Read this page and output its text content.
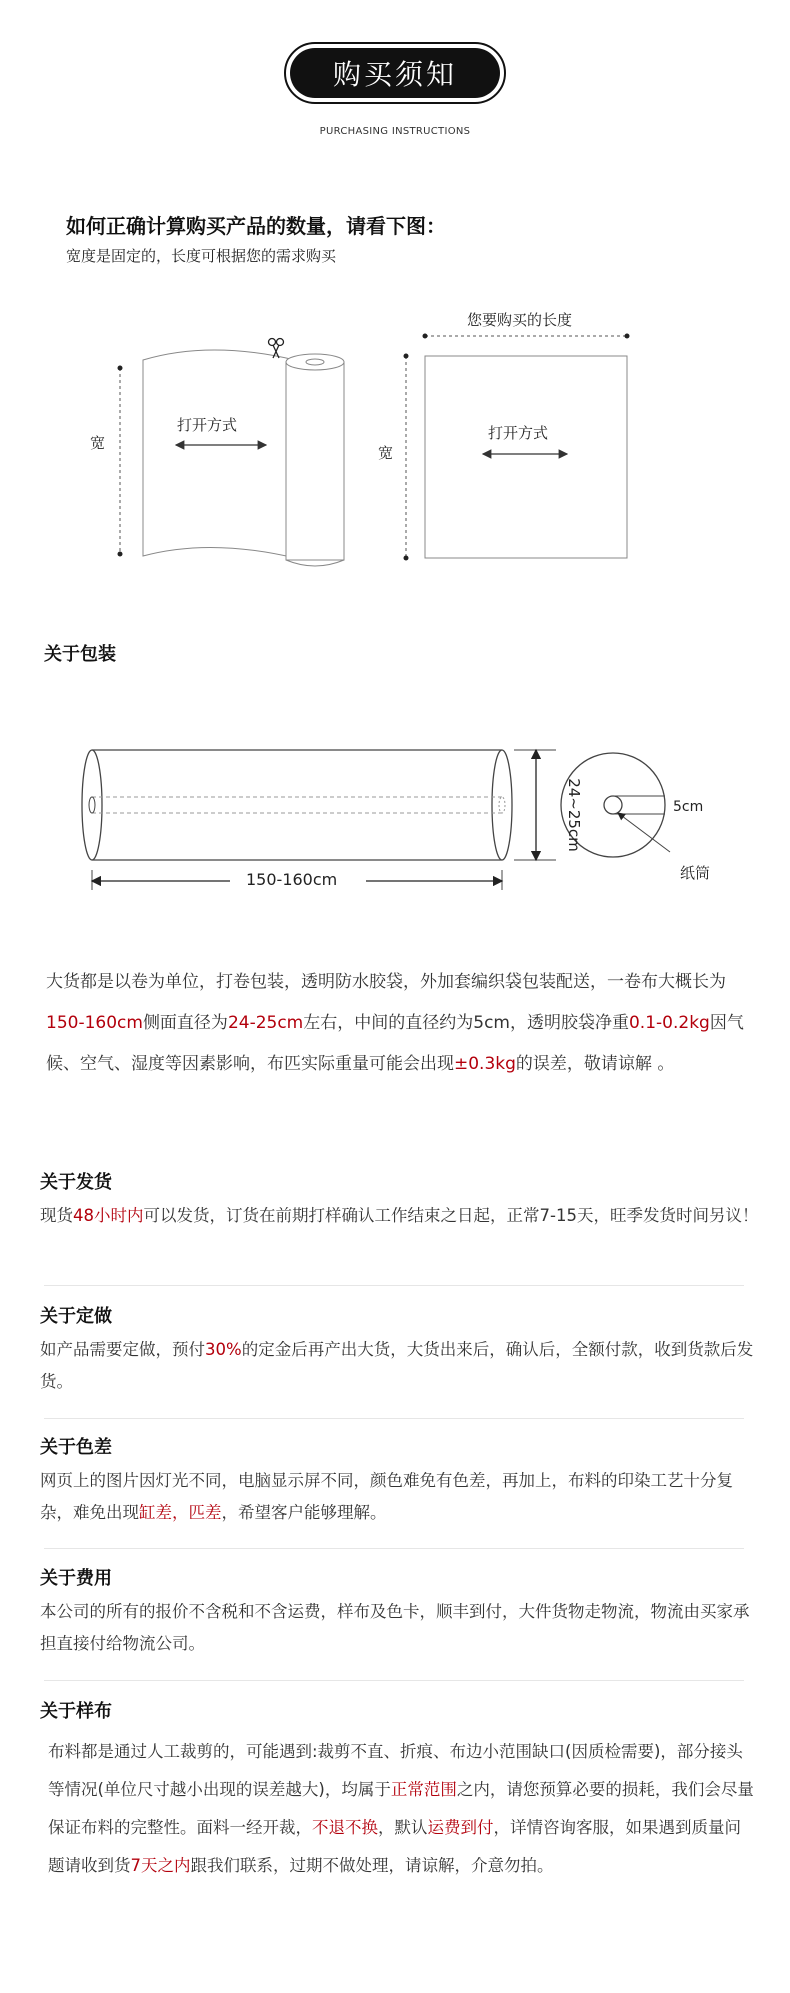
购买须知
PURCHASING INSTRUCTIONS
如何正确计算购买产品的数量，请看下图：
宽度是固定的，长度可根据您的需求购买
宽
打开方式
您要购买的长度
宽
打开方式
关于包装
150-160cm
24~25cm	5cm
纸筒
大货都是以卷为单位，打卷包装，透明防水胶袋，外加套编织袋包装配送，一卷布大概长为150-160cm侧面直径为24-25cm左右，中间的直径约为5cm，透明胶袋净重0.1-0.2kg因气候、空气、湿度等因素影响，布匹实际重量可能会出现±0.3kg的误差，敬请谅解 。
关于发货
现货48小时内可以发货，订货在前期打样确认工作结束之日起，正常7-15天，旺季发货时间另议！
关于定做
如产品需要定做，预付30%的定金后再产出大货，大货出来后，确认后，全额付款，收到货款后发货。
关于色差
网页上的图片因灯光不同，电脑显示屏不同，颜色难免有色差，再加上，布料的印染工艺十分复杂，难免出现缸差，匹差，希望客户能够理解。
关于费用
本公司的所有的报价不含税和不含运费，样布及色卡，顺丰到付，大件货物走物流，物流由买家承担直接付给物流公司。
关于样布
布料都是通过人工裁剪的，可能遇到:裁剪不直、折痕、布边小范围缺口(因质检需要)，部分接头等情况(单位尺寸越小出现的误差越大)，均属于正常范围之内，请您预算必要的损耗，我们会尽量保证布料的完整性。面料一经开裁，不退不换，默认运费到付，详情咨询客服，如果遇到质量问题请收到货7天之内跟我们联系，过期不做处理，请谅解，介意勿拍。
